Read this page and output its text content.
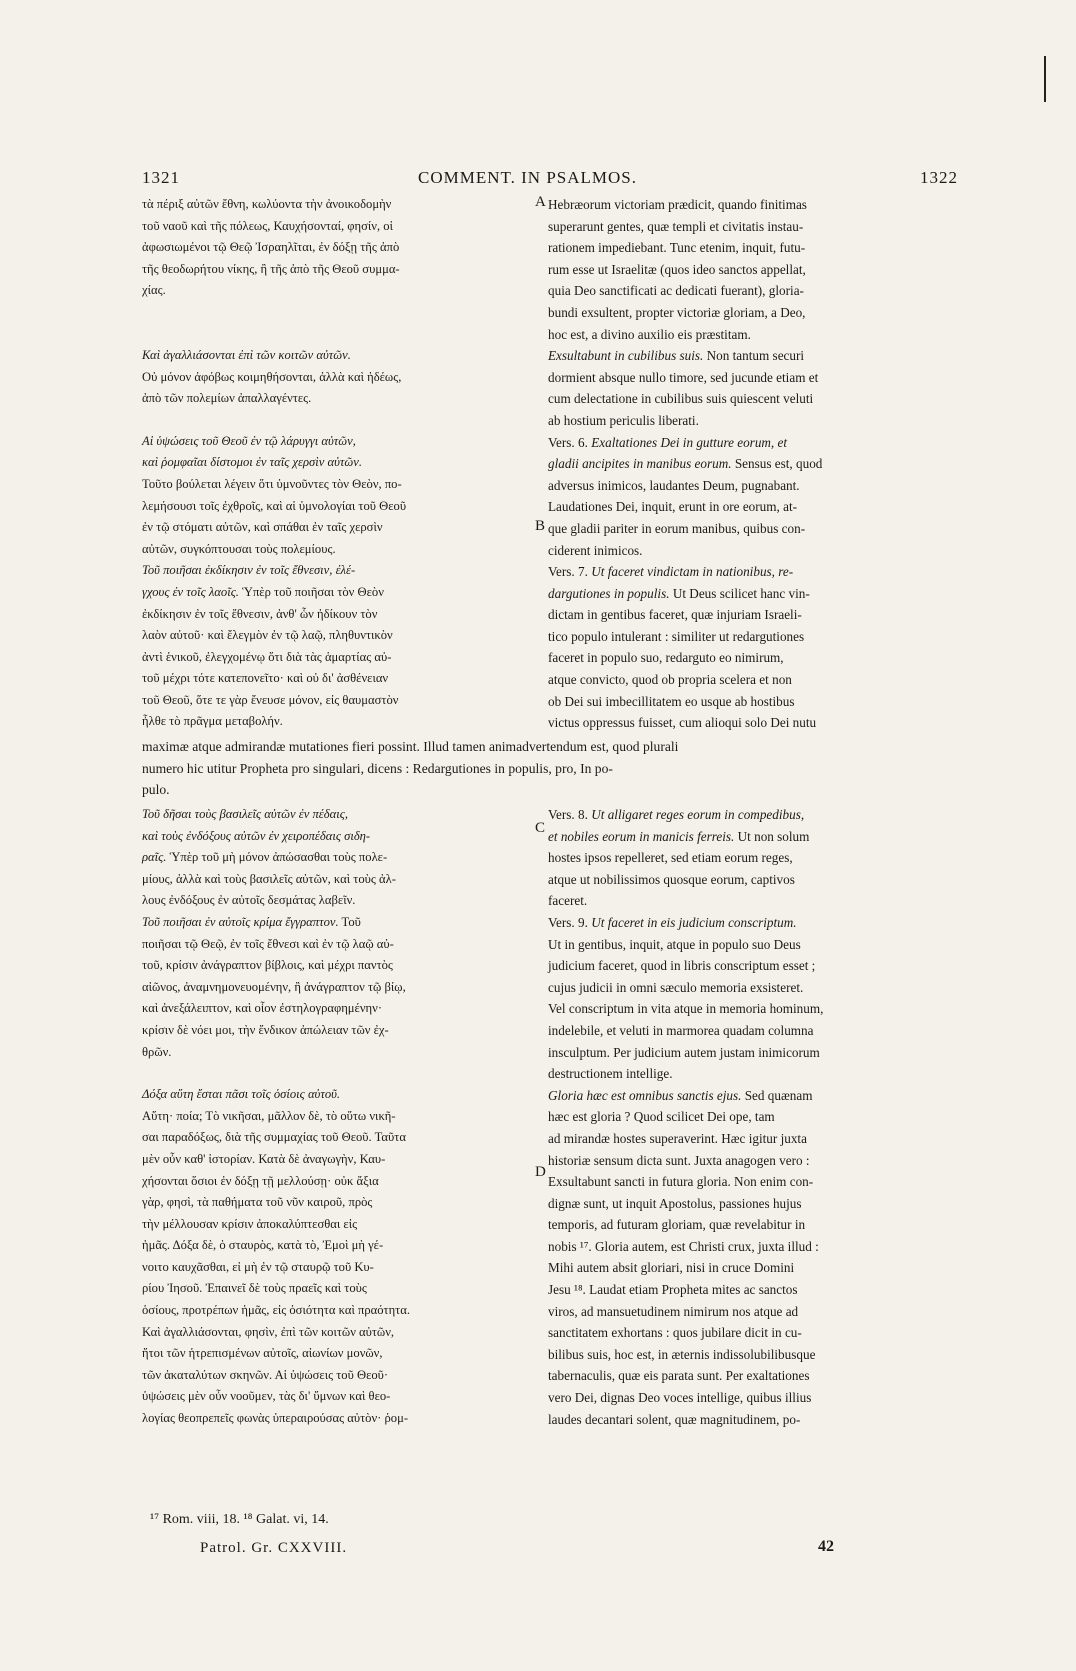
1321	COMMENT. IN PSALMOS.	1322
A
B
C
D

τὰ πέριξ αὐτῶν ἔθνη, κωλύοντα τὴν ἀνοικοδομὴν

τοῦ ναοῦ καὶ τῆς πόλεως, Καυχήσονταί, φησίν, οἱ

ἀφωσιωμένοι τῷ Θεῷ Ἰσραηλῖται, ἐν δόξῃ τῆς ἀπὸ

τῆς θεοδωρήτου νίκης, ἢ τῆς ἀπὸ τῆς Θεοῦ συμμα-

χίας.

Καὶ ἀγαλλιάσονται ἐπὶ τῶν κοιτῶν αὐτῶν.

Οὐ μόνον ἀφόβως κοιμηθήσονται, ἀλλὰ καὶ ἡδέως,

ἀπὸ τῶν πολεμίων ἀπαλλαγέντες.

Αἱ ὑψώσεις τοῦ Θεοῦ ἐν τῷ λάρυγγι αὐτῶν,

καὶ ῥομφαῖαι δίστομοι ἐν ταῖς χερσὶν αὐτῶν.

Τοῦτο βούλεται λέγειν ὅτι ὑμνοῦντες τὸν Θεὸν, πο-

λεμήσουσι τοῖς ἐχθροῖς, καὶ αἱ ὑμνολογίαι τοῦ Θεοῦ

ἐν τῷ στόματι αὐτῶν, καὶ σπάθαι ἐν ταῖς χερσὶν

αὐτῶν, συγκόπτουσαι τοὺς πολεμίους.

Τοῦ ποιῆσαι ἐκδίκησιν ἐν τοῖς ἔθνεσιν, ἐλέ-

γχους ἐν τοῖς λαοῖς. Ὑπὲρ τοῦ ποιῆσαι τὸν Θεὸν

ἐκδίκησιν ἐν τοῖς ἔθνεσιν, ἀνθ' ὧν ἠδίκουν τὸν

λαὸν αὐτοῦ· καὶ ἔλεγμὸν ἐν τῷ λαῷ, πληθυντικὸν

ἀντὶ ἑνικοῦ, ἐλεγχομένῳ ὅτι διὰ τὰς ἁμαρτίας αὐ-

τοῦ μέχρι τότε κατεπονεῖτο· καὶ οὐ δι' ἀσθένειαν

τοῦ Θεοῦ, ὅτε τε γὰρ ἔνευσε μόνον, εἰς θαυμαστὸν

ἦλθε τὸ πρᾶγμα μεταβολήν.

Hebræorum victoriam prædicit, quando finitimas

superarunt gentes, quæ templi et civitatis instau-

rationem impediebant. Tunc etenim, inquit, futu-

rum esse ut Israelitæ (quos ideo sanctos appellat,

quia Deo sanctificati ac dedicati fuerant), gloria-

bundi exsultent, propter victoriæ gloriam, a Deo,

hoc est, a divino auxilio eis præstitam.

Exsultabunt in cubilibus suis. Non tantum securi

dormient absque nullo timore, sed jucunde etiam et

cum delectatione in cubilibus suis quiescent veluti

ab hostium periculis liberati.

Vers. 6. Exaltationes Dei in gutture eorum, et

gladii ancipites in manibus eorum. Sensus est, quod

adversus inimicos, laudantes Deum, pugnabant.

Laudationes Dei, inquit, erunt in ore eorum, at-

que gladii pariter in eorum manibus, quibus con-

ciderent inimicos.

Vers. 7. Ut faceret vindictam in nationibus, re-

dargutiones in populis. Ut Deus scilicet hanc vin-

dictam in gentibus faceret, quæ injuriam Israeli-

tico populo intulerant : similiter ut redargutiones

faceret in populo suo, redarguto eo nimirum,

atque convicto, quod ob propria scelera et non

ob Dei sui imbecillitatem eo usque ab hostibus

victus oppressus fuisset, cum alioqui solo Dei nutu

maximæ atque admirandæ mutationes fieri possint. Illud tamen animadvertendum est, quod plurali

numero hic utitur Propheta pro singulari, dicens : Redargutiones in populis, pro, In po-

pulo.

Τοῦ δῆσαι τοὺς βασιλεῖς αὐτῶν ἐν πέδαις,

καὶ τοὺς ἐνδόξους αὐτῶν ἐν χειροπέδαις σιδη-

ραῖς. Ὑπὲρ τοῦ μὴ μόνον ἀπώσασθαι τοὺς πολε-

μίους, ἀλλὰ καὶ τοὺς βασιλεῖς αὐτῶν, καὶ τοὺς ἀλ-

λους ἐνδόξους ἐν αὐτοῖς δεσμάτας λαβεῖν.

Τοῦ ποιῆσαι ἐν αὐτοῖς κρίμα ἔγγραπτον. Τοῦ

ποιῆσαι τῷ Θεῷ, ἐν τοῖς ἔθνεσι καὶ ἐν τῷ λαῷ αὐ-

τοῦ, κρίσιν ἀνάγραπτον βίβλοις, καὶ μέχρι παντὸς

αἰῶνος, ἀναμνημονευομένην, ἢ ἀνάγραπτον τῷ βίῳ,

καὶ ἀνεξάλειπτον, καὶ οἷον ἐστηλογραφημένην·

κρίσιν δὲ νόει μοι, τὴν ἔνδικον ἀπώλειαν τῶν ἐχ-

θρῶν.

Δόξα αὕτη ἔσται πᾶσι τοῖς ὁσίοις αὐτοῦ.

Αὕτη· ποία; Τὸ νικῆσαι, μᾶλλον δὲ, τὸ οὕτω νικῆ-

σαι παραδόξως, διὰ τῆς συμμαχίας τοῦ Θεοῦ. Ταῦτα

μὲν οὖν καθ' ἱστορίαν. Κατὰ δὲ ἀναγωγὴν, Καυ-

χήσονται ὅσιοι ἐν δόξῃ τῇ μελλούσῃ· οὐκ ἄξια

γὰρ, φησὶ, τὰ παθήματα τοῦ νῦν καιροῦ, πρὸς

τὴν μέλλουσαν κρίσιν ἀποκαλύπτεσθαι εἰς

ἡμᾶς. Δόξα δὲ, ὁ σταυρὸς, κατὰ τὸ, Ἐμοὶ μὴ γέ-

νοιτο καυχᾶσθαι, εἰ μὴ ἐν τῷ σταυρῷ τοῦ Κυ-

ρίου Ἰησοῦ. Ἐπαινεῖ δὲ τοὺς πραεῖς καὶ τοὺς

ὁσίους, προτρέπων ἡμᾶς, εἰς ὁσιότητα καὶ πραότητα.

Καὶ ἀγαλλιάσονται, φησὶν, ἐπὶ τῶν κοιτῶν αὐτῶν,

ἤτοι τῶν ἡτρεπισμένων αὐτοῖς, αἰωνίων μονῶν,

τῶν ἀκαταλύτων σκηνῶν. Αἱ ὑψώσεις τοῦ Θεοῦ·

ὑψώσεις μὲν οὖν νοοῦμεν, τὰς δι' ὕμνων καὶ θεο-

λογίας θεοπρεπεῖς φωνὰς ὑπεραιρούσας αὐτὸν· ῥομ-

Vers. 8. Ut alligaret reges eorum in compedibus,

et nobiles eorum in manicis ferreis. Ut non solum

hostes ipsos repelleret, sed etiam eorum reges,

atque ut nobilissimos quosque eorum, captivos

faceret.

Vers. 9. Ut faceret in eis judicium conscriptum.

Ut in gentibus, inquit, atque in populo suo Deus

judicium faceret, quod in libris conscriptum esset ;

cujus judicii in omni sæculo memoria exsisteret.

Vel conscriptum in vita atque in memoria hominum,

indelebile, et veluti in marmorea quadam columna

insculptum. Per judicium autem justam inimicorum

destructionem intellige.

Gloria hæc est omnibus sanctis ejus. Sed quænam

hæc est gloria ? Quod scilicet Dei ope, tam

ad mirandæ hostes superaverint. Hæc igitur juxta

historiæ sensum dicta sunt. Juxta anagogen vero :

Exsultabunt sancti in futura gloria. Non enim con-

dignæ sunt, ut inquit Apostolus, passiones hujus

temporis, ad futuram gloriam, quæ revelabitur in

nobis ¹⁷. Gloria autem, est Christi crux, juxta illud :

Mihi autem absit gloriari, nisi in cruce Domini

Jesu ¹⁸. Laudat etiam Propheta mites ac sanctos

viros, ad mansuetudinem nimirum nos atque ad

sanctitatem exhortans : quos jubilare dicit in cu-

bilibus suis, hoc est, in æternis indissolubilibusque

tabernaculis, quæ eis parata sunt. Per exaltationes

vero Dei, dignas Deo voces intellige, quibus illius

laudes decantari solent, quæ magnitudinem, po-

¹⁷ Rom. viii, 18. ¹⁸ Galat. vi, 14.
Patrol. Gr. CXXVIII.	42
